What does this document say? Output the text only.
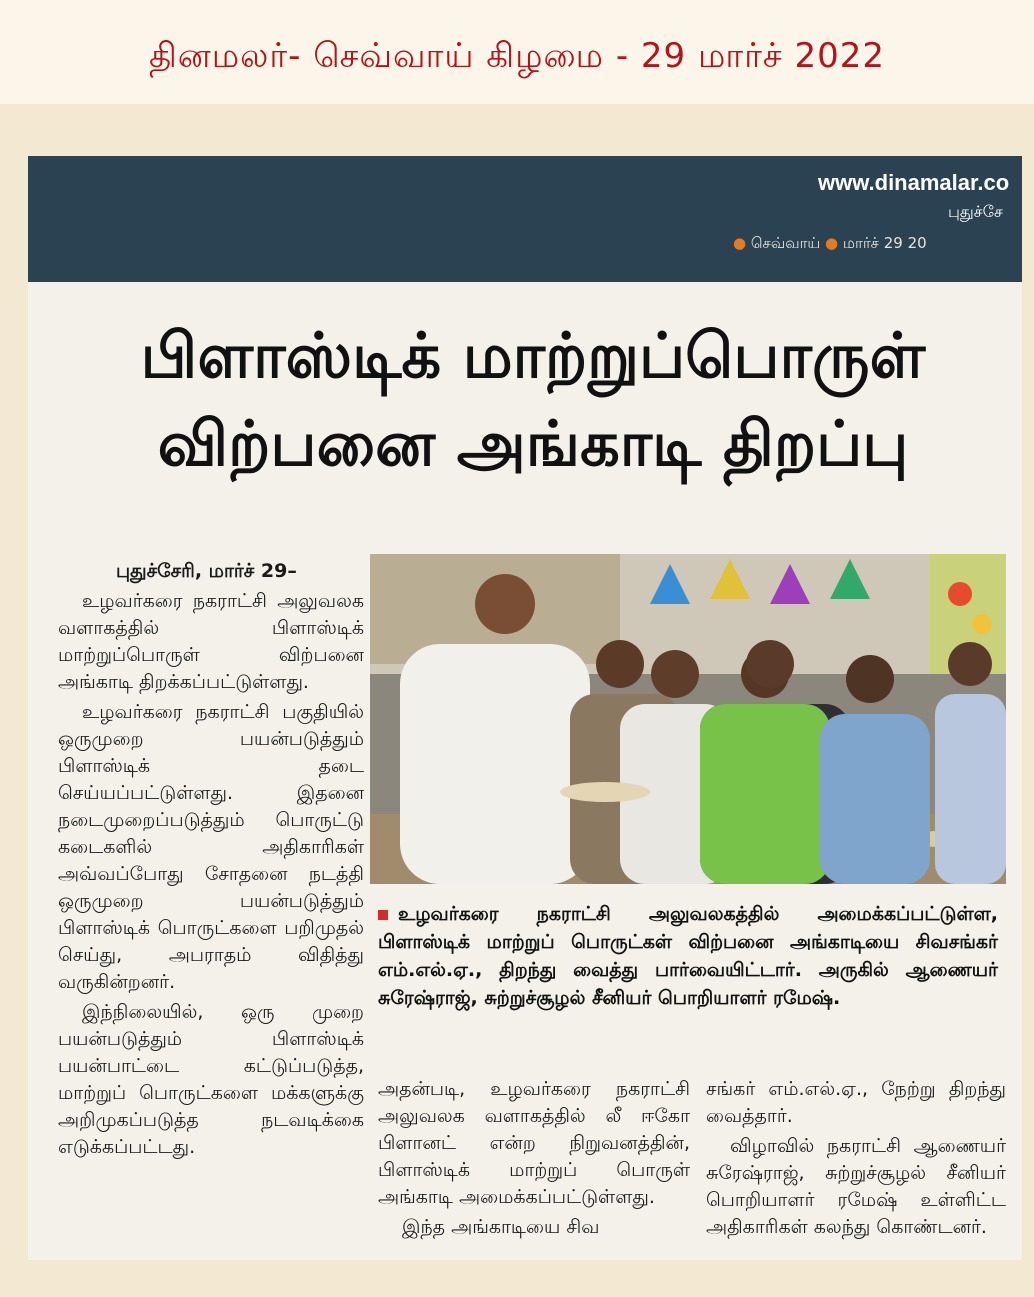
தினமலர்- செவ்வாய் கிழமை - 29 மார்ச் 2022
www.dinamalar.co
புதுச்சே
● செவ்வாய் ● மார்ச் 29 20
பிளாஸ்டிக் மாற்றுப்பொருள்
விற்பனை அங்காடி திறப்பு

புதுச்சேரி, மார்ச் 29–

உழவர்கரை நகராட்சி அலுவலக வளாகத்தில் பிளாஸ்டிக் மாற்றுப்பொருள் விற்பனை அங்காடி திறக்கப்பட்டுள்ளது.

உழவர்கரை நகராட்சி பகுதியில் ஒருமுறை பயன்படுத்தும் பிளாஸ்டிக் தடை செய்யப்பட்டுள்ளது. இதனை நடைமுறைப்படுத்தும் பொருட்டு கடைகளில் அதிகாரிகள் அவ்வப்போது சோதனை நடத்தி ஒருமுறை பயன்படுத்தும் பிளாஸ்டிக் பொருட்களை பறிமுதல் செய்து, அபராதம் விதித்து வருகின்றனர்.

இந்நிலையில், ஒரு முறை பயன்படுத்தும் பிளாஸ்டிக் பயன்பாட்டை கட்டுப்படுத்த, மாற்றுப் பொருட்களை மக்களுக்கு அறிமுகப்படுத்த நடவடிக்கை எடுக்கப்பட்டது.

உழவர்கரை நகராட்சி அலுவலகத்தில் அமைக்கப்பட்டுள்ள, பிளாஸ்டிக் மாற்றுப் பொருட்கள் விற்பனை அங்காடியை சிவசங்கர் எம்.எல்.ஏ., திறந்து வைத்து பார்வையிட்டார். அருகில் ஆணையர் சுரேஷ்ராஜ், சுற்றுச்சூழல் சீனியர் பொறியாளர் ரமேஷ்.

அதன்படி, உழவர்கரை நகராட்சி அலுவலக வளாகத்தில் லீ ஈகோ பிளானட் என்ற நிறுவனத்தின், பிளாஸ்டிக் மாற்றுப் பொருள் அங்காடி அமைக்கப்பட்டுள்ளது.

இந்த அங்காடியை சிவ

சங்கர் எம்.எல்.ஏ., நேற்று திறந்து வைத்தார்.

விழாவில் நகராட்சி ஆணையர் சுரேஷ்ராஜ், சுற்றுச்சூழல் சீனியர் பொறியாளர் ரமேஷ் உள்ளிட்ட அதிகாரிகள் கலந்து கொண்டனர்.
